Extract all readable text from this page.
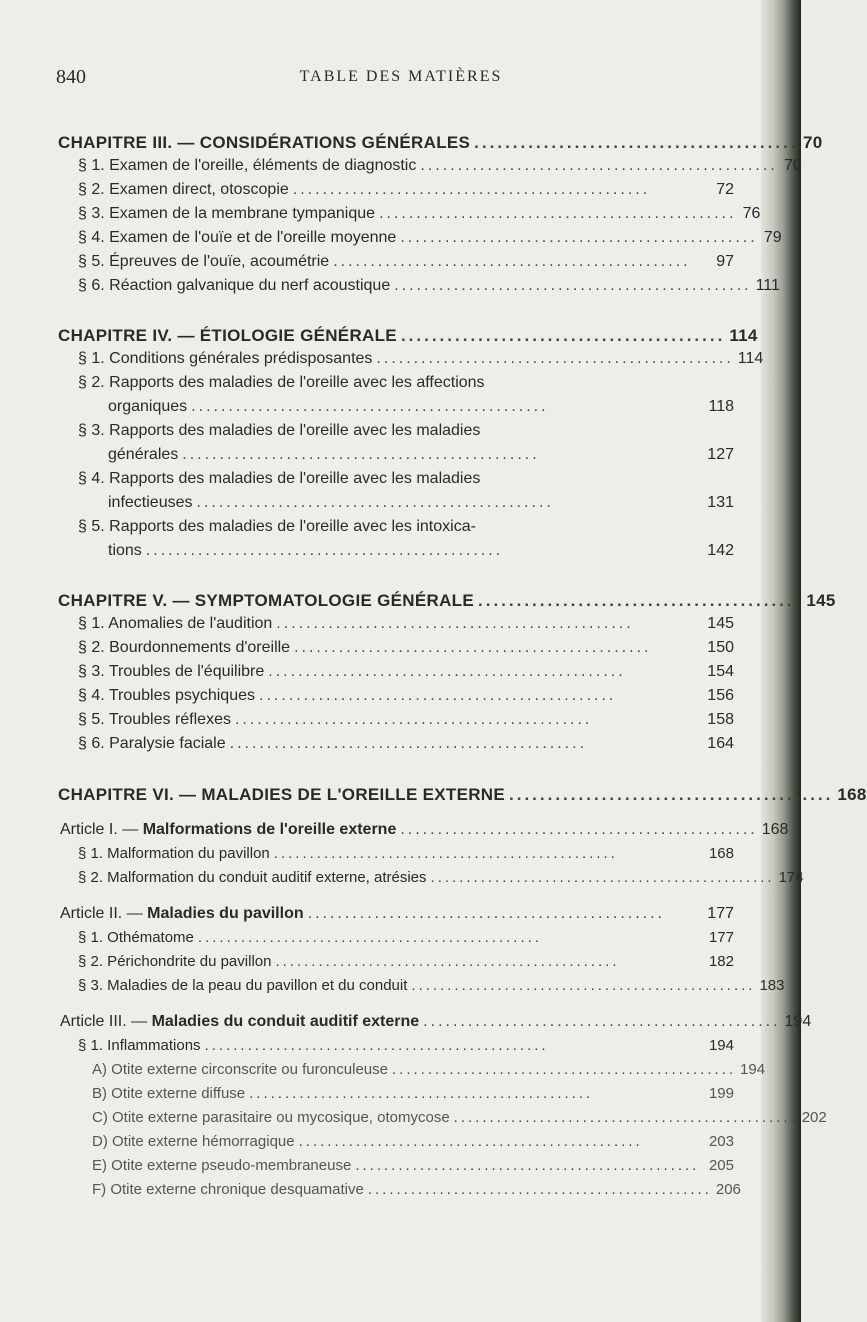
840	TABLE DES MATIÈRES
CHAPITRE III. — CONSIDÉRATIONS GÉNÉRALES .......................................... 70
§ 1. Examen de l'oreille, éléments de diagnostic ................................................ 70
§ 2. Examen direct, otoscopie ................................................	72
§ 3. Examen de la membrane tympanique ................................................ 76
§ 4. Examen de l'ouïe et de l'oreille moyenne ................................................ 79
§ 5. Épreuves de l'ouïe, acoumétrie ................................................	97
§ 6. Réaction galvanique du nerf acoustique ................................................ 111
CHAPITRE IV. — ÉTIOLOGIE GÉNÉRALE .......................................... 114
§ 1. Conditions générales prédisposantes ................................................ 114
§ 2. Rapports des maladies de l'oreille avec les affections
organiques ................................................	118
§ 3. Rapports des maladies de l'oreille avec les maladies
générales ................................................	127
§ 4. Rapports des maladies de l'oreille avec les maladies
infectieuses ................................................	131
§ 5. Rapports des maladies de l'oreille avec les intoxica-
tions ................................................	142
CHAPITRE V. — SYMPTOMATOLOGIE GÉNÉRALE .......................................... 145
§ 1. Anomalies de l'audition ................................................	145
§ 2. Bourdonnements d'oreille ................................................	150
§ 3. Troubles de l'équilibre ................................................	154
§ 4. Troubles psychiques ................................................	156
§ 5. Troubles réflexes ................................................	158
§ 6. Paralysie faciale ................................................	164
CHAPITRE VI. — MALADIES DE L'OREILLE EXTERNE .......................................... 168
Article I. — Malformations de l'oreille externe ................................................ 168
§ 1. Malformation du pavillon ................................................	168
§ 2. Malformation du conduit auditif externe, atrésies ................................................ 174
Article II. — Maladies du pavillon ................................................	177
§ 1. Othématome ................................................	177
§ 2. Périchondrite du pavillon ................................................	182
§ 3. Maladies de la peau du pavillon et du conduit ................................................ 183
Article III. — Maladies du conduit auditif externe ................................................ 194
§ 1. Inflammations ................................................	194
A) Otite externe circonscrite ou furonculeuse ................................................ 194
B) Otite externe diffuse ................................................	199
C) Otite externe parasitaire ou mycosique, otomycose ................................................ 202
D) Otite externe hémorragique ................................................	203
E) Otite externe pseudo-membraneuse ................................................ 205
F) Otite externe chronique desquamative ................................................ 206
